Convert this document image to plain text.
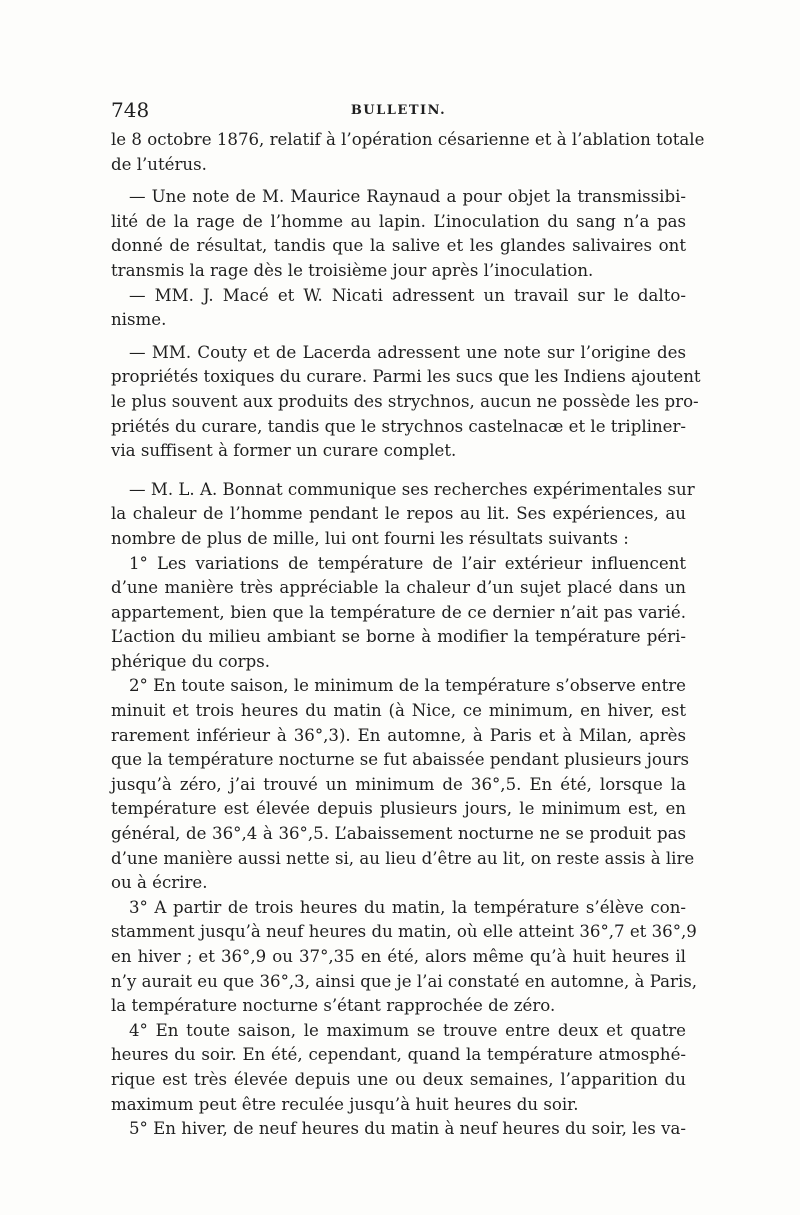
748	BULLETIN.
le 8 octobre 1876, relatif à l’opération césarienne et à l’ablation totale
de l’utérus.
— Une note de M. Maurice Raynaud a pour objet la transmissibi-
lité de la rage de l’homme au lapin. L’inoculation du sang n’a pas
donné de résultat, tandis que la salive et les glandes salivaires ont
transmis la rage dès le troisième jour après l’inoculation.
— MM. J. Macé et W. Nicati adressent un travail sur le dalto-
nisme.
— MM. Couty et de Lacerda adressent une note sur l’origine des
propriétés toxiques du curare. Parmi les sucs que les Indiens ajoutent
le plus souvent aux produits des strychnos, aucun ne possède les pro-
priétés du curare, tandis que le strychnos castelnacæ et le tripliner-
via suffisent à former un curare complet.
— M. L. A. Bonnat communique ses recherches expérimentales sur
la chaleur de l’homme pendant le repos au lit. Ses expériences, au
nombre de plus de mille, lui ont fourni les résultats suivants :
1° Les variations de température de l’air extérieur influencent
d’une manière très appréciable la chaleur d’un sujet placé dans un
appartement, bien que la température de ce dernier n’ait pas varié.
L’action du milieu ambiant se borne à modifier la température péri-
phérique du corps.
2° En toute saison, le minimum de la température s’observe entre
minuit et trois heures du matin (à Nice, ce minimum, en hiver, est
rarement inférieur à 36°,3). En automne, à Paris et à Milan, après
que la température nocturne se fut abaissée pendant plusieurs jours
jusqu’à zéro, j’ai trouvé un minimum de 36°,5. En été, lorsque la
température est élevée depuis plusieurs jours, le minimum est, en
général, de 36°,4 à 36°,5. L’abaissement nocturne ne se produit pas
d’une manière aussi nette si, au lieu d’être au lit, on reste assis à lire
ou à écrire.
3° A partir de trois heures du matin, la température s’élève con-
stamment jusqu’à neuf heures du matin, où elle atteint 36°,7 et 36°,9
en hiver ; et 36°,9 ou 37°,35 en été, alors même qu’à huit heures il
n’y aurait eu que 36°,3, ainsi que je l’ai constaté en automne, à Paris,
la température nocturne s’étant rapprochée de zéro.
4° En toute saison, le maximum se trouve entre deux et quatre
heures du soir. En été, cependant, quand la température atmosphé-
rique est très élevée depuis une ou deux semaines, l’apparition du
maximum peut être reculée jusqu’à huit heures du soir.
5° En hiver, de neuf heures du matin à neuf heures du soir, les va-
